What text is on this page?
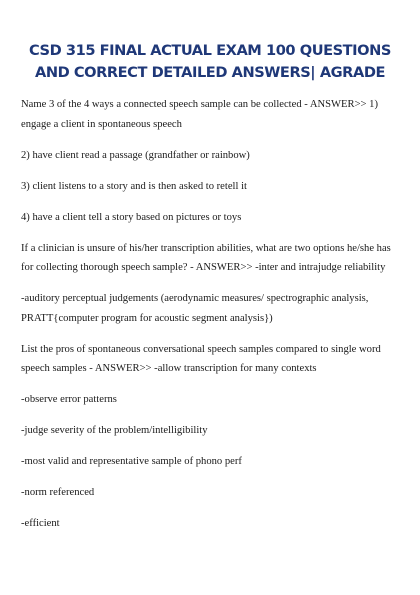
CSD 315 FINAL ACTUAL EXAM 100 QUESTIONS
AND CORRECT DETAILED ANSWERS| AGRADE

Name 3 of the 4 ways a connected speech sample can be collected - ANSWER>> 1) engage a client in spontaneous speech

2) have client read a passage (grandfather or rainbow)

3) client listens to a story and is then asked to retell it

4) have a client tell a story based on pictures or toys

If a clinician is unsure of his/her transcription abilities, what are two options he/she has for collecting thorough speech sample? - ANSWER>> -inter and intrajudge reliability

-auditory perceptual judgements (aerodynamic measures/ spectrographic analysis, PRATT{computer program for acoustic segment analysis})

List the pros of spontaneous conversational speech samples compared to single word speech samples - ANSWER>> -allow transcription for many contexts

-observe error patterns

-judge severity of the problem/intelligibility

-most valid and representative sample of phono perf

-norm referenced

-efficient
